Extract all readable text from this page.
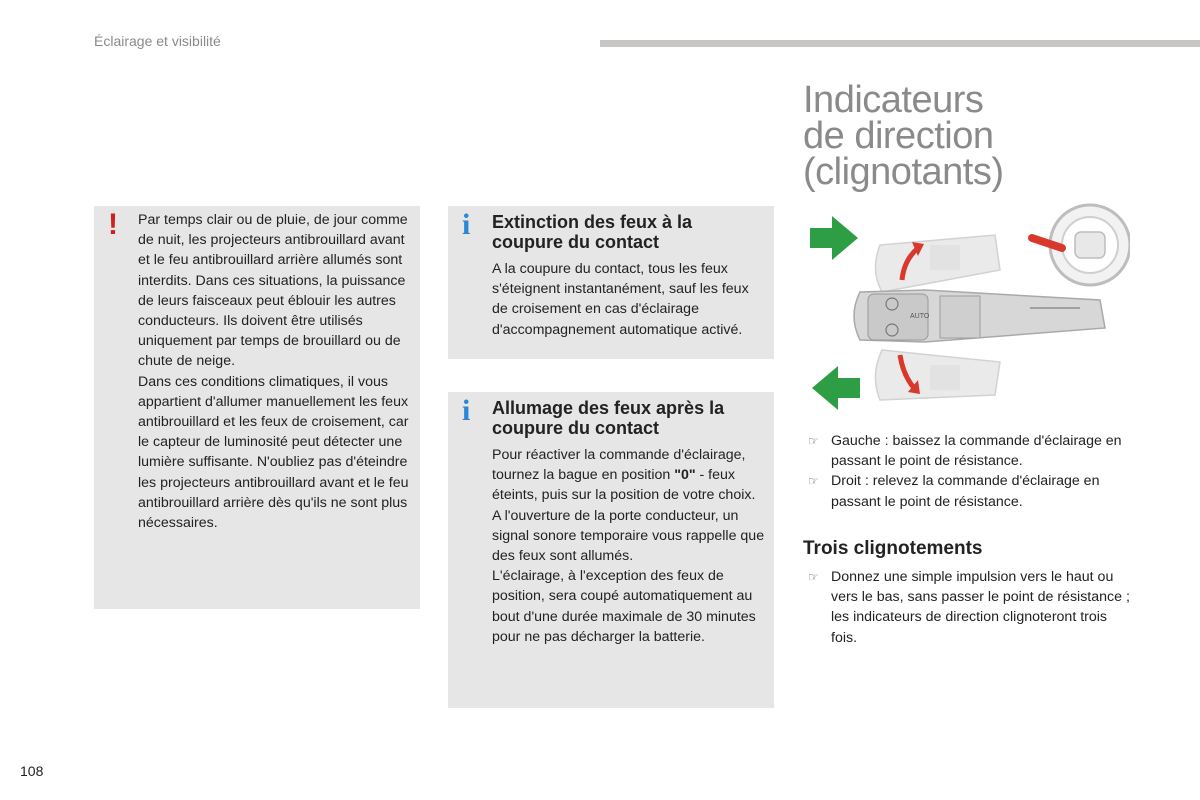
Éclairage et visibilité
Indicateurs
de direction
(clignotants)
! Par temps clair ou de pluie, de jour comme de nuit, les projecteurs antibrouillard avant et le feu antibrouillard arrière allumés sont interdits. Dans ces situations, la puissance de leurs faisceaux peut éblouir les autres conducteurs. Ils doivent être utilisés uniquement par temps de brouillard ou de chute de neige.
Dans ces conditions climatiques, il vous appartient d'allumer manuellement les feux antibrouillard et les feux de croisement, car le capteur de luminosité peut détecter une lumière suffisante. N'oubliez pas d'éteindre les projecteurs antibrouillard avant et le feu antibrouillard arrière dès qu'ils ne sont plus nécessaires.
i Extinction des feux à la coupure du contact
A la coupure du contact, tous les feux s'éteignent instantanément, sauf les feux de croisement en cas d'éclairage d'accompagnement automatique activé.
i Allumage des feux après la coupure du contact
Pour réactiver la commande d'éclairage, tournez la bague en position "0" - feux éteints, puis sur la position de votre choix.
A l'ouverture de la porte conducteur, un signal sonore temporaire vous rappelle que des feux sont allumés.
L'éclairage, à l'exception des feux de position, sera coupé automatiquement au bout d'une durée maximale de 30 minutes pour ne pas décharger la batterie.
AUTO
☞ Gauche : baissez la commande d'éclairage en passant le point de résistance.
☞ Droit : relevez la commande d'éclairage en passant le point de résistance.
Trois clignotements
☞ Donnez une simple impulsion vers le haut ou vers le bas, sans passer le point de résistance ; les indicateurs de direction clignoteront trois fois.
108
